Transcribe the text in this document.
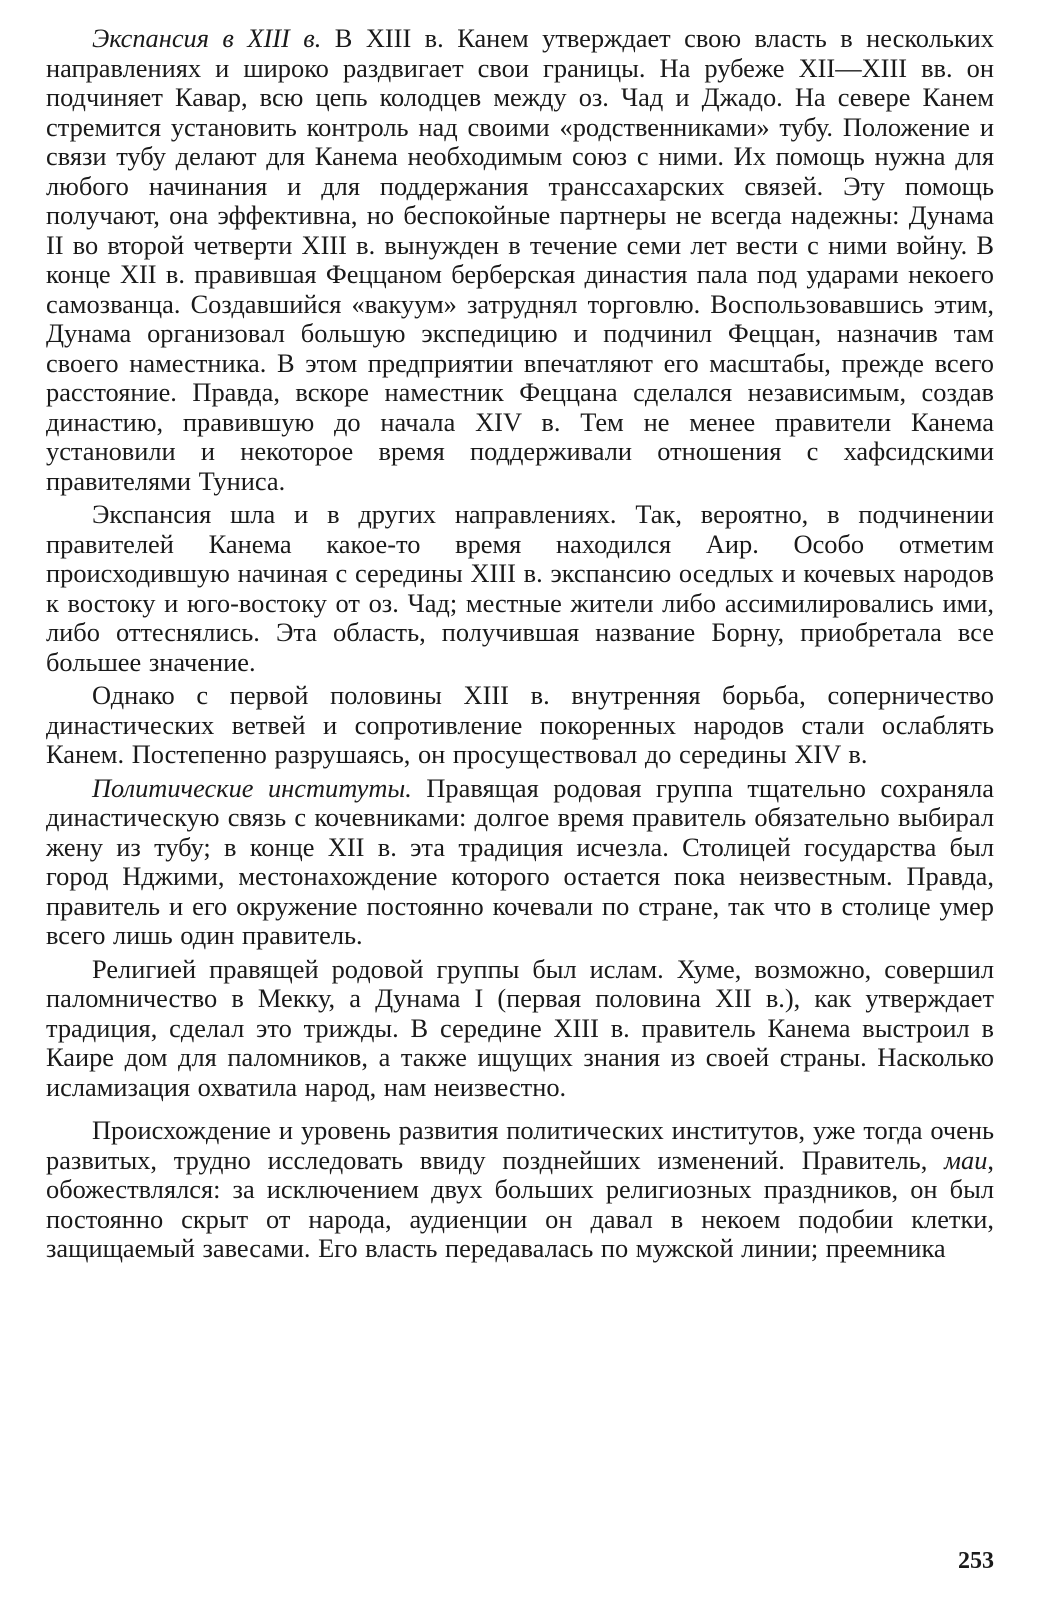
Экспансия в XIII в. В XIII в. Канем утверждает свою власть в нескольких направлениях и широко раздвигает свои границы. На рубеже XII—XIII вв. он подчиняет Кавар, всю цепь колодцев между оз. Чад и Джадо. На севере Канем стремится установить контроль над своими «родственниками» тубу. Положение и связи тубу делают для Канема необходимым союз с ними. Их помощь нужна для любого начинания и для поддержания транссахарских связей. Эту помощь получают, она эффективна, но беспокойные партнеры не всегда надежны: Дунама II во второй четверти XIII в. вынужден в течение семи лет вести с ними войну. В конце XII в. правившая Феццаном берберская династия пала под ударами некоего самозванца. Создавшийся «вакуум» затруднял торговлю. Воспользовавшись этим, Дунама организовал большую экспедицию и подчинил Феццан, назначив там своего наместника. В этом предприятии впечатляют его масштабы, прежде всего расстояние. Правда, вскоре наместник Феццана сделался независимым, создав династию, правившую до начала XIV в. Тем не менее правители Канема установили и некоторое время поддерживали отношения с хафсидскими правителями Туниса.

Экспансия шла и в других направлениях. Так, вероятно, в подчинении правителей Канема какое-то время находился Аир. Особо отметим происходившую начиная с середины XIII в. экспансию оседлых и кочевых народов к востоку и юго-востоку от оз. Чад; местные жители либо ассимилировались ими, либо оттеснялись. Эта область, получившая название Борну, приобретала все большее значение.

Однако с первой половины XIII в. внутренняя борьба, соперничество династических ветвей и сопротивление покоренных народов стали ослаблять Канем. Постепенно разрушаясь, он просуществовал до середины XIV в.

Политические институты. Правящая родовая группа тщательно сохраняла династическую связь с кочевниками: долгое время правитель обязательно выбирал жену из тубу; в конце XII в. эта традиция исчезла. Столицей государства был город Нджими, местонахождение которого остается пока неизвестным. Правда, правитель и его окружение постоянно кочевали по стране, так что в столице умер всего лишь один правитель.

Религией правящей родовой группы был ислам. Хуме, возможно, совершил паломничество в Мекку, а Дунама I (первая половина XII в.), как утверждает традиция, сделал это трижды. В середине XIII в. правитель Канема выстроил в Каире дом для паломников, а также ищущих знания из своей страны. Насколько исламизация охватила народ, нам неизвестно.

Происхождение и уровень развития политических институтов, уже тогда очень развитых, трудно исследовать ввиду позднейших изменений. Правитель, маи, обожествлялся: за исключением двух больших религиозных праздников, он был постоянно скрыт от народа, аудиенции он давал в некоем подобии клетки, защищаемый завесами. Его власть передавалась по мужской линии; преемника

253
